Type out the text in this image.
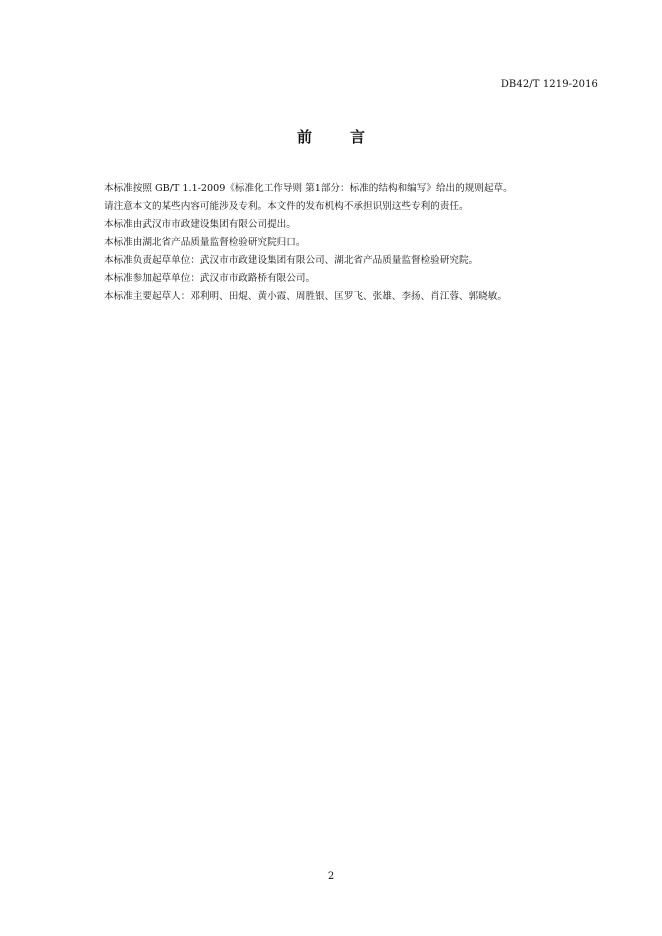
DB42/T 1219-2016
前	言

本标准按照 GB/T 1.1-2009《标准化工作导则 第1部分：标准的结构和编写》给出的规则起草。

请注意本文的某些内容可能涉及专利。本文件的发布机构不承担识别这些专利的责任。

本标准由武汉市市政建设集团有限公司提出。

本标准由湖北省产品质量监督检验研究院归口。

本标准负责起草单位：武汉市市政建设集团有限公司、湖北省产品质量监督检验研究院。

本标准参加起草单位：武汉市市政路桥有限公司。

本标准主要起草人：邓利明、田焜、黄小霞、周胜银、匡罗飞、张雄、李扬、肖江蓉、郭晓敏。

2
